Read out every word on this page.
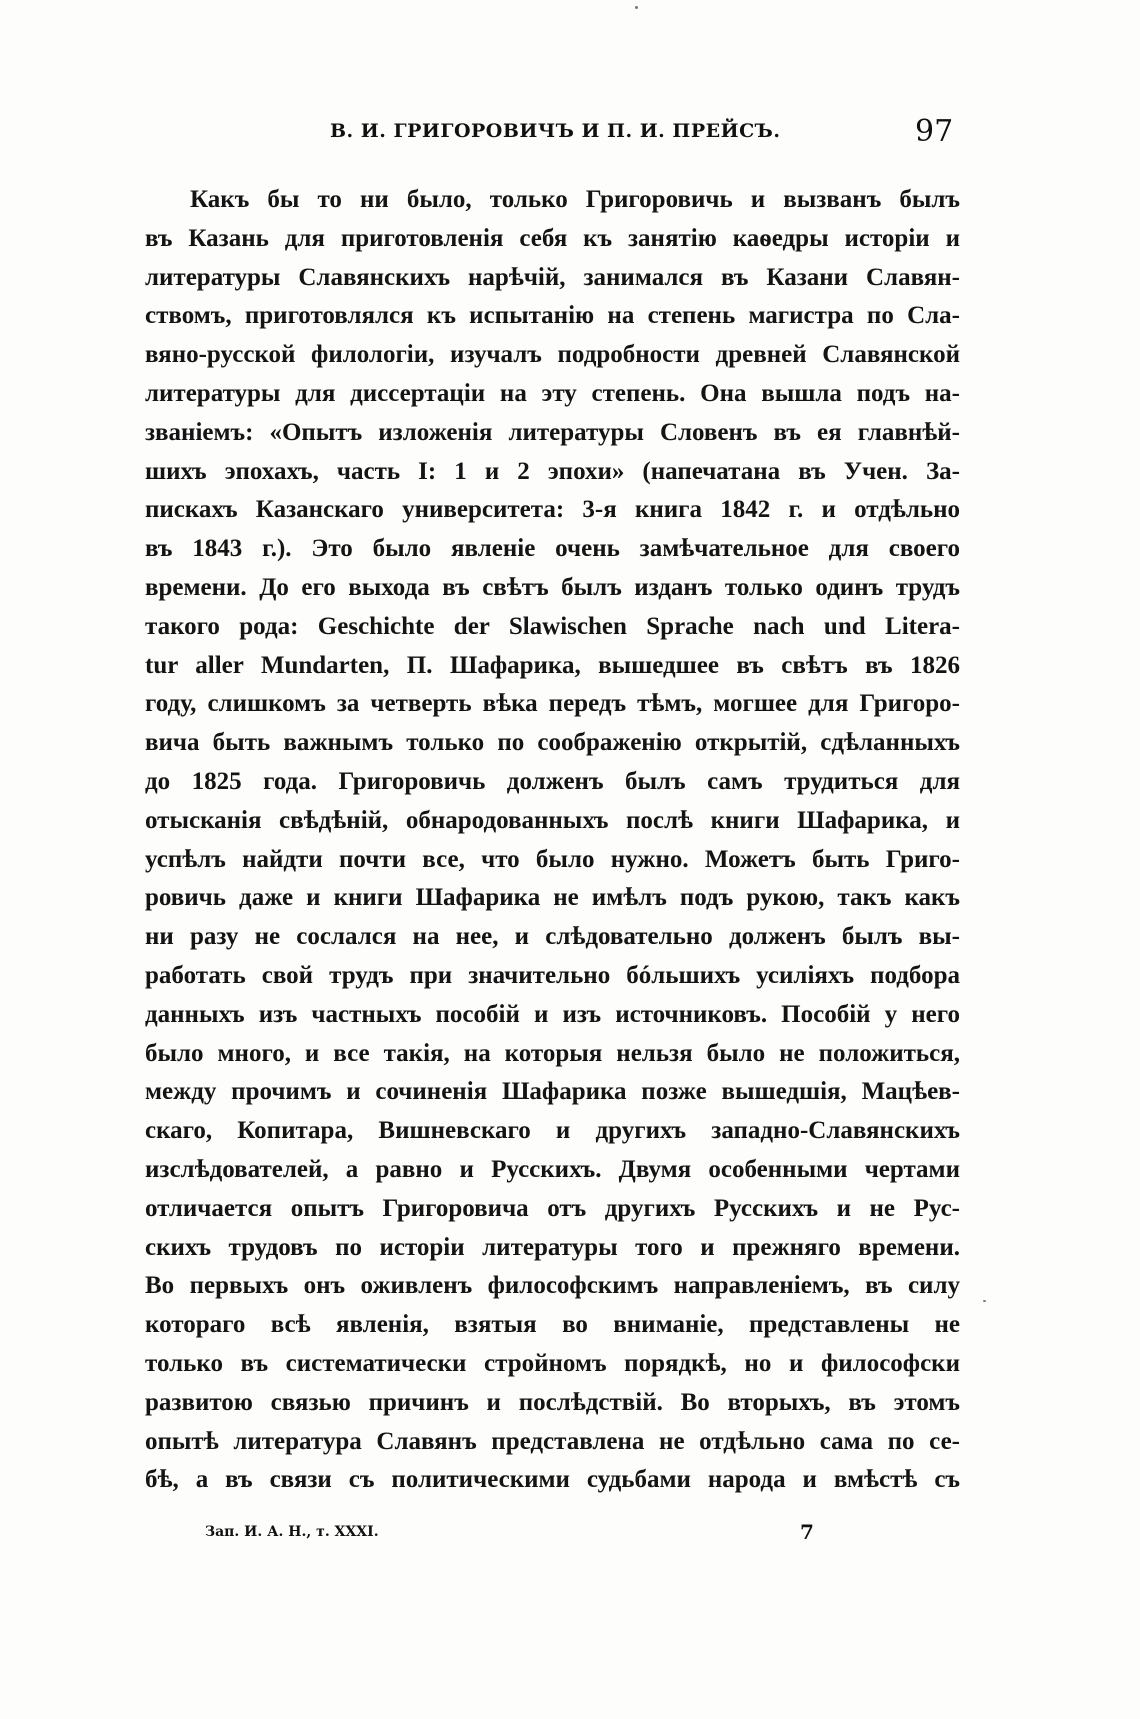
В. И. ГРИГОРОВИЧЪ И П. И. ПРЕЙСЪ.	97
Какъ бы то ни было, только Григоровичь и вызванъ былъ
въ Казань для приготовленія себя къ занятію каѳедры исторіи и
литературы Славянскихъ нарѣчій, занимался въ Казани Славян-
ствомъ, приготовлялся къ испытанію на степень магистра по Сла-
вяно-русской филологіи, изучалъ подробности древней Славянской
литературы для диссертаціи на эту степень. Она вышла подъ на-
званіемъ: «Опытъ изложенія литературы Словенъ въ ея главнѣй-
шихъ эпохахъ, часть I: 1 и 2 эпохи» (напечатана въ Учен. За-
пискахъ Казанскаго университета: 3-я книга 1842 г. и отдѣльно
въ 1843 г.). Это было явленіе очень замѣчательное для своего
времени. До его выхода въ свѣтъ былъ изданъ только одинъ трудъ
такого рода: Geschichte der Slawischen Sprache nach und Litera-
tur aller Mundarten, П. Шафарика, вышедшее въ свѣтъ въ 1826
году, слишкомъ за четверть вѣка передъ тѣмъ, могшее для Григоро-
вича быть важнымъ только по соображенію открытій, сдѣланныхъ
до 1825 года. Григоровичь долженъ былъ самъ трудиться для
отысканія свѣдѣній, обнародованныхъ послѣ книги Шафарика, и
успѣлъ найдти почти все, что было нужно. Можетъ быть Григо-
ровичь даже и книги Шафарика не имѣлъ подъ рукою, такъ какъ
ни разу не сослался на нее, и слѣдовательно долженъ былъ вы-
работать свой трудъ при значительно бóльшихъ усиліяхъ подбора
данныхъ изъ частныхъ пособій и изъ источниковъ. Пособій у него
было много, и все такія, на которыя нельзя было не положиться,
между прочимъ и сочиненія Шафарика позже вышедшія, Мацѣев-
скаго, Копитара, Вишневскаго и другихъ западно-Славянскихъ
изслѣдователей, а равно и Русскихъ. Двумя особенными чертами
отличается опытъ Григоровича отъ другихъ Русскихъ и не Рус-
скихъ трудовъ по исторіи литературы того и прежняго времени.
Во первыхъ онъ оживленъ философскимъ направленіемъ, въ силу
котораго всѣ явленія, взятыя во вниманіе, представлены не
только въ систематически стройномъ порядкѣ, но и философски
развитою связью причинъ и послѣдствій. Во вторыхъ, въ этомъ
опытѣ литература Славянъ представлена не отдѣльно сама по се-
бѣ, а въ связи съ политическими судьбами народа и вмѣстѣ съ
Зап. И. А. Н., т. XXXI.	7
